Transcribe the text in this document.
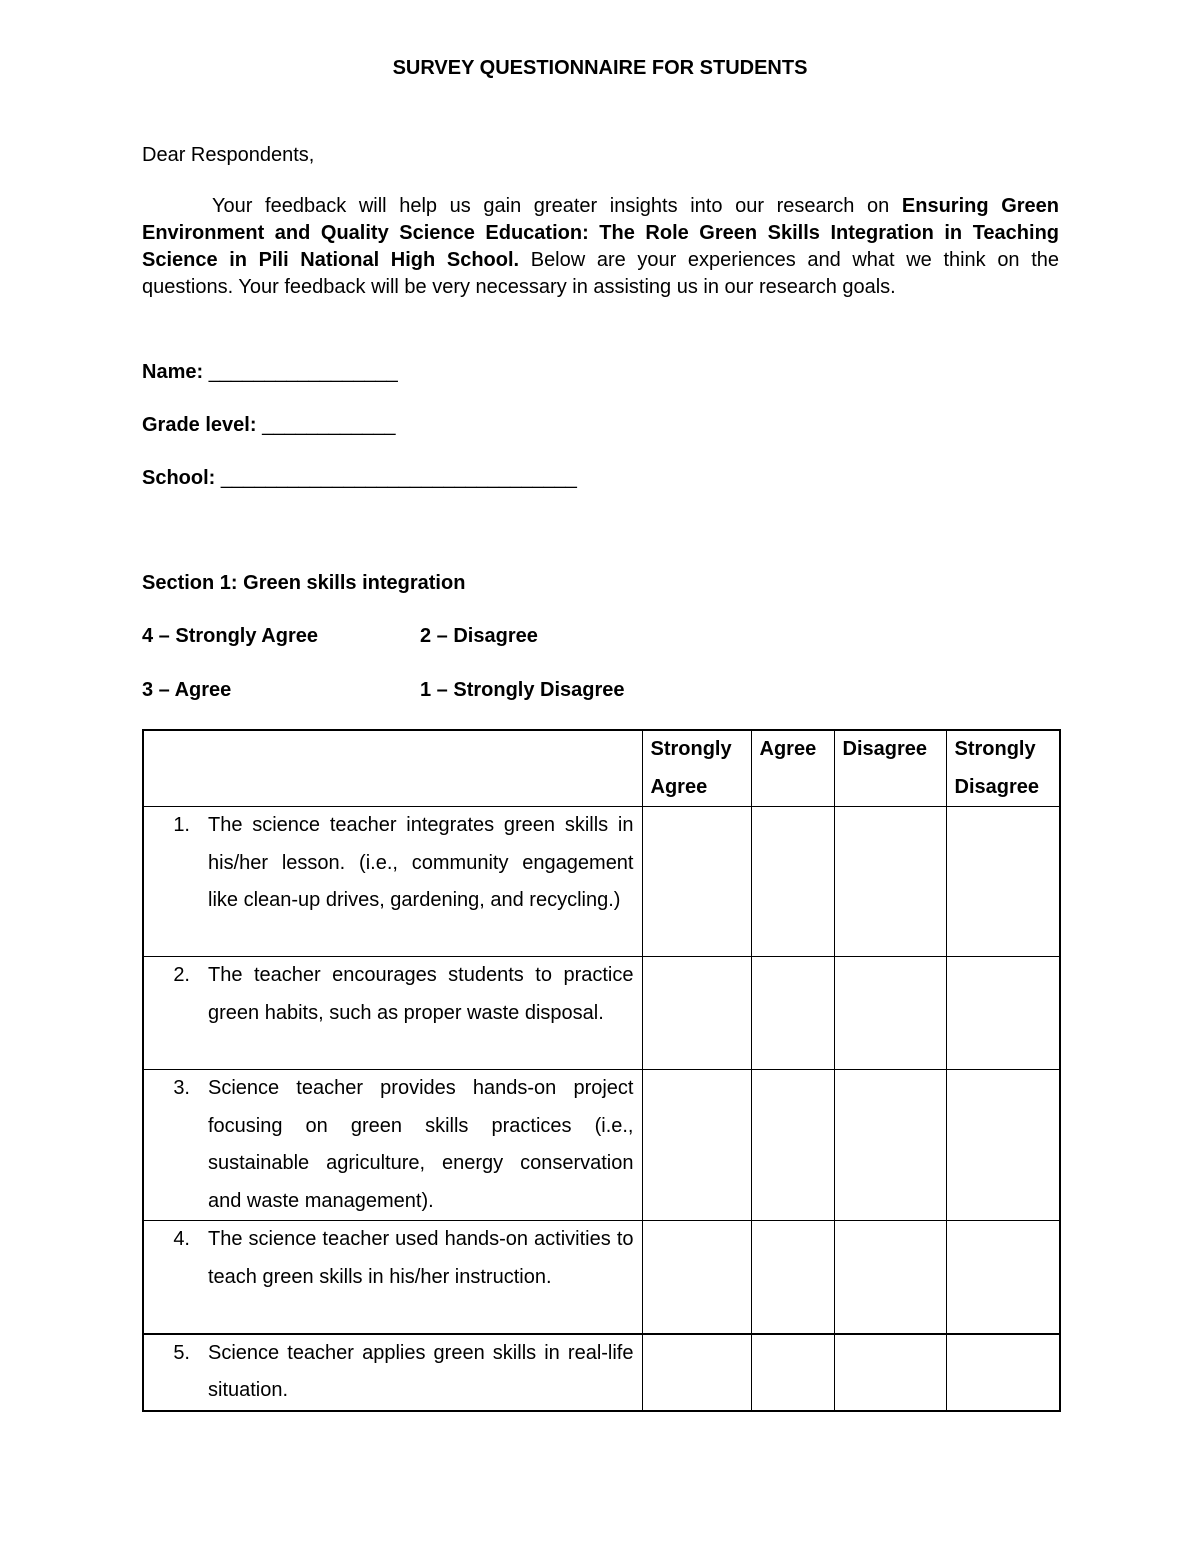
SURVEY QUESTIONNAIRE FOR STUDENTS
Dear Respondents,

Your feedback will help us gain greater insights into our research on Ensuring Green Environment and Quality Science Education: The Role Green Skills Integration in Teaching Science in Pili National High School. Below are your experiences and what we think on the questions. Your feedback will be very necessary in assisting us in our research goals.

Name: _________________
Grade level: ____________
School: ________________________________
Section 1: Green skills integration
4 – Strongly Agree	2 – Disagree
3 – Agree	1 – Strongly Disagree
	Strongly Agree	Agree	Disagree	Strongly Disagree

1. The science teacher integrates green skills in his/her lesson. (i.e., community engagement like clean-up drives, gardening, and recycling.)				

2. The teacher encourages students to practice green habits, such as proper waste disposal.				

3. Science teacher provides hands-on project focusing on green skills practices (i.e., sustainable agriculture, energy conservation and waste management).				

4. The science teacher used hands-on activities to teach green skills in his/her instruction.				

5. Science teacher applies green skills in real-life situation.				
